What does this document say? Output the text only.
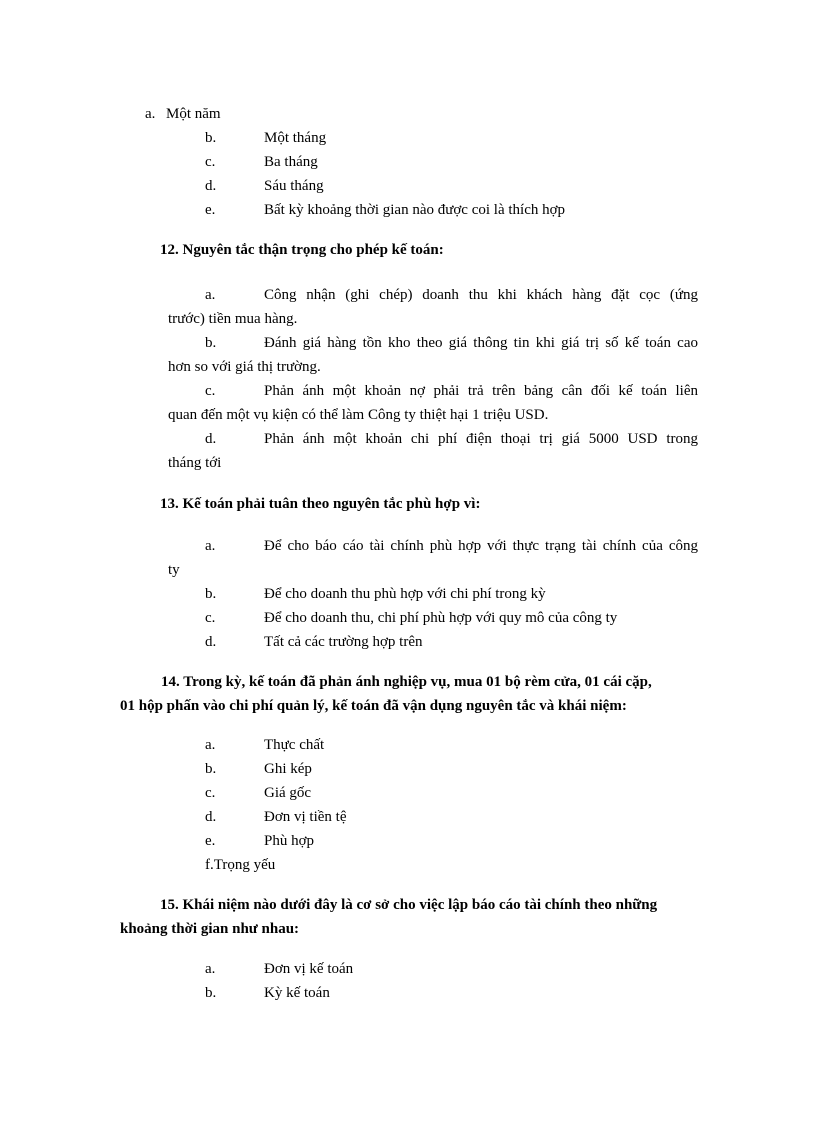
a. Một năm
b.	Một tháng
c.	Ba tháng
d.	Sáu tháng
e.	Bất kỳ khoảng thời gian nào được coi là thích hợp
12. Nguyên tắc thận trọng cho phép kế toán:
a.	Công nhận (ghi chép) doanh thu khi khách hàng đặt cọc (ứng
trước) tiền mua hàng.
b.	Đánh giá hàng tồn kho theo giá thông tin khi giá trị số kế toán cao
hơn so với giá thị trường.
c.	Phản ánh một khoản nợ phải trả trên bảng cân đối kế toán liên
quan đến một vụ kiện có thể làm Công ty thiệt hại 1 triệu USD.
d.	Phản ánh một khoản chi phí điện thoại trị giá 5000 USD trong
tháng tới
13. Kế toán phải tuân theo nguyên tắc phù hợp vì:
a.	Để cho báo cáo tài chính phù hợp với thực trạng tài chính của công
ty
b.	Để cho doanh thu phù hợp với chi phí trong kỳ
c.	Để cho doanh thu, chi phí phù hợp với quy mô của công ty
d.	Tất cả các trường hợp trên
14. Trong kỳ, kế toán đã phản ánh nghiệp vụ, mua 01 bộ rèm cửa, 01 cái cặp,
01 hộp phấn vào chi phí quản lý, kế toán đã vận dụng nguyên tắc và khái niệm:
a.	Thực chất
b.	Ghi kép
c.	Giá gốc
d.	Đơn vị tiền tệ
e.	Phù hợp
f.Trọng yếu
15. Khái niệm nào dưới đây là cơ sở cho việc lập báo cáo tài chính theo những
khoảng thời gian như nhau:
a.	Đơn vị kế toán
b.	Kỳ kế toán
